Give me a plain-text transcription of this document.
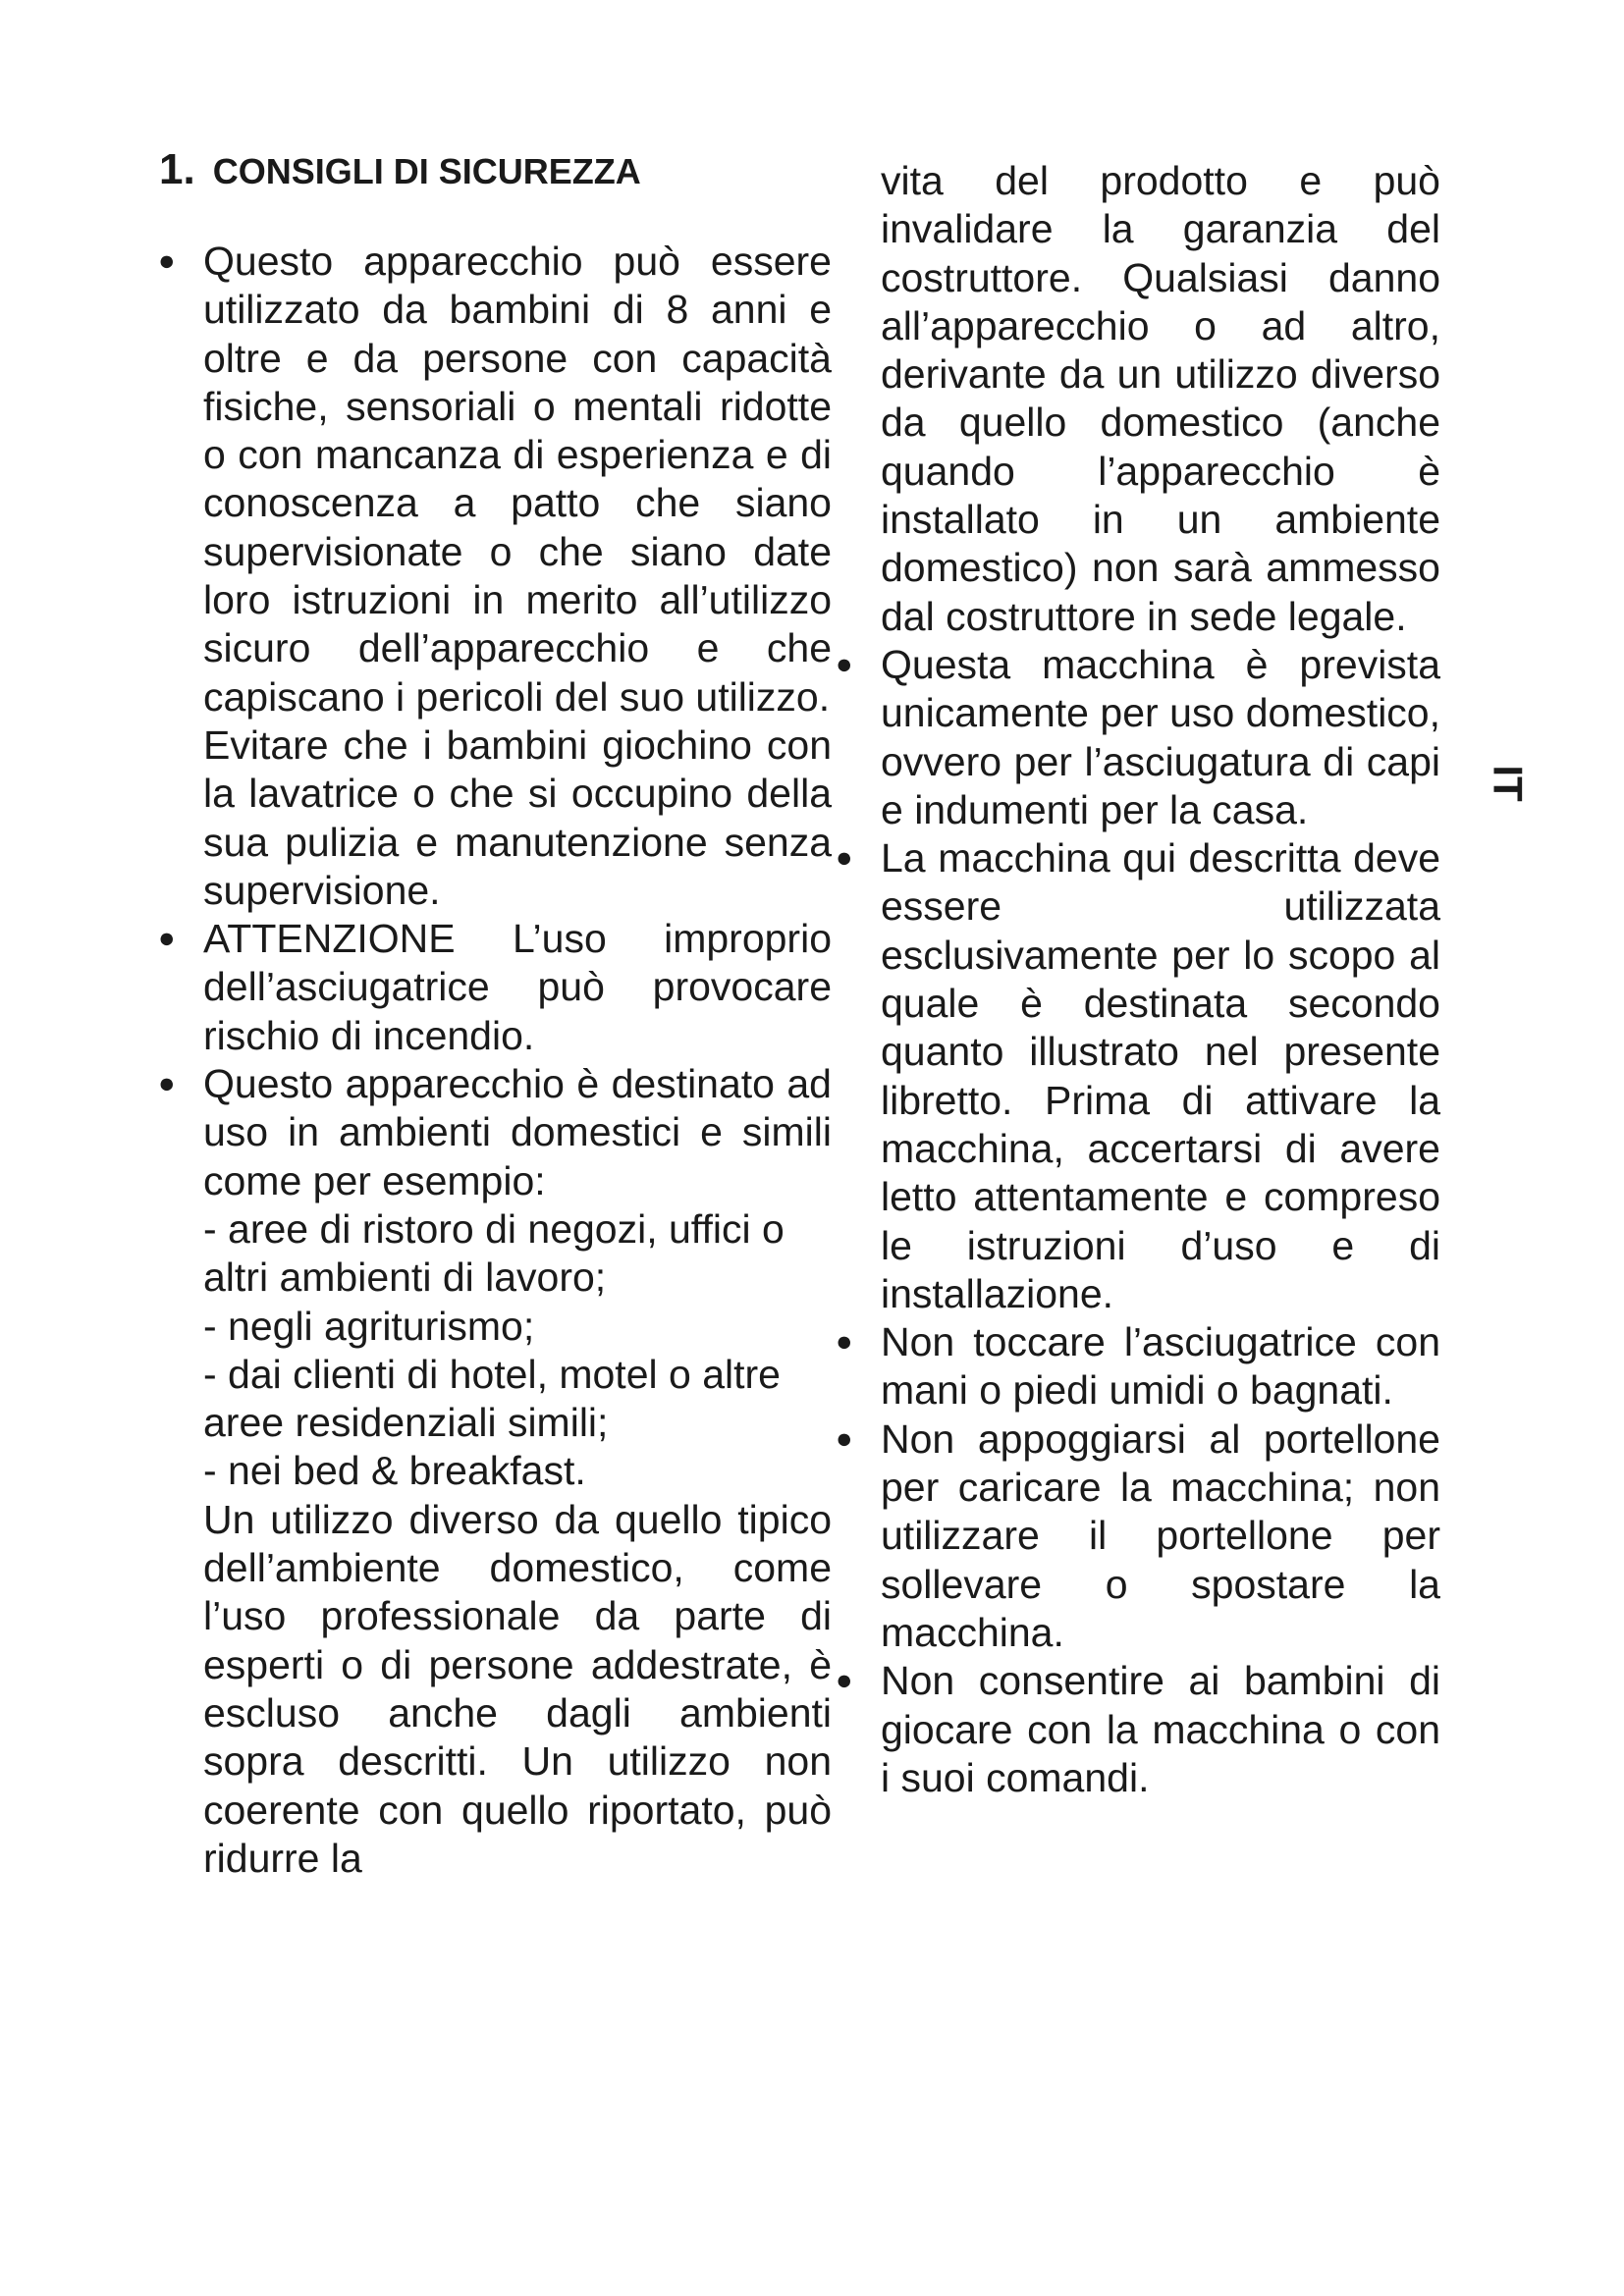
1. CONSIGLI DI SICUREZZA

● Questo apparecchio può essere utilizzato da bambini di 8 anni e oltre e da persone con capacità fisiche, sensoriali o mentali ridotte o con mancanza di esperienza e di conoscenza a patto che siano supervisionate o che siano date loro istruzioni in merito all’utilizzo sicuro dell’apparecchio e che capiscano i pericoli del suo utilizzo.

Evitare che i bambini giochino con la lavatrice o che si occupino della sua pulizia e manutenzione senza supervisione.

● ATTENZIONE L’uso improprio dell’asciugatrice può provocare rischio di incendio.

● Questo apparecchio è destinato ad uso in ambienti domestici e simili come per esempio:

- aree di ristoro di negozi, uffici o altri ambienti di lavoro;

- negli agriturismo;

- dai clienti di hotel, motel o altre aree residenziali simili;

- nei bed & breakfast.

Un utilizzo diverso da quello tipico dell’ambiente domestico, come l’uso professionale da parte di esperti o di persone addestrate, è escluso anche dagli ambienti sopra descritti. Un utilizzo non coerente con quello riportato, può ridurre la

vita del prodotto e può invalidare la garanzia del costruttore. Qualsiasi danno all’apparecchio o ad altro, derivante da un utilizzo diverso da quello domestico (anche quando l’apparecchio è installato in un ambiente domestico) non sarà ammesso dal costruttore in sede legale.

● Questa macchina è prevista unicamente per uso domestico, ovvero per l’asciugatura di capi e indumenti per la casa.

● La macchina qui descritta deve essere utilizzata esclusivamente per lo scopo al quale è destinata secondo quanto illustrato nel presente libretto. Prima di attivare la macchina, accertarsi di avere letto attentamente e compreso le istruzioni d’uso e di installazione.

● Non toccare l’asciugatrice con mani o piedi umidi o bagnati.

● Non appoggiarsi al portellone per caricare la macchina; non utilizzare il portellone per sollevare o spostare la macchina.

● Non consentire ai bambini di giocare con la macchina o con i suoi comandi.

IT
